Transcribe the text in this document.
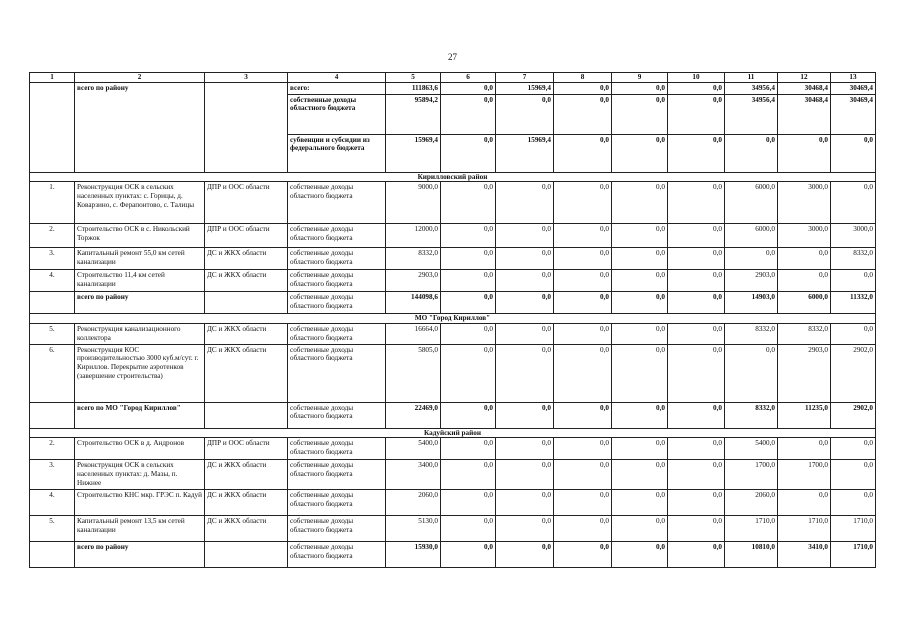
27
1	2	3	4	5	6	7	8	9	10	11	12	13
	всего по району		всего:	111863,6	0,0	15969,4	0,0	0,0	0,0	34956,4	30468,4	30469,4
			собственные доходы областного бюджета	95894,2	0,0	0,0	0,0	0,0	0,0	34956,4	30468,4	30469,4
			субвенции и субсидии из федерального бюджета	15969,4	0,0	15969,4	0,0	0,0	0,0	0,0	0,0	0,0
Кирилловский район												
1.	Реконструкция ОСК в сельских населенных пунктах: с. Горицы, д. Коварзино, с. Ферапонтово, с. Талицы	ДПР и ООС области	собственные доходы областного бюджета	9000,0	0,0	0,0	0,0	0,0	0,0	6000,0	3000,0	0,0
2.	Строительство ОСК в с. Никольский Торжок	ДПР и ООС области	собственные доходы областного бюджета	12000,0	0,0	0,0	0,0	0,0	0,0	6000,0	3000,0	3000,0
3.	Капитальный ремонт 55,0 км сетей канализации	ДС и ЖКХ области	собственные доходы областного бюджета	8332,0	0,0	0,0	0,0	0,0	0,0	0,0	0,0	8332,0
4.	Строительство 11,4 км сетей канализации	ДС и ЖКХ области	собственные доходы областного бюджета	2903,0	0,0	0,0	0,0	0,0	0,0	2903,0	0,0	0,0
	всего по району		собственные доходы областного бюджета	144098,6	0,0	0,0	0,0	0,0	0,0	14903,0	6000,0	11332,0
МО "Город Кириллов"												
5.	Реконструкция канализационного коллектора	ДС и ЖКХ области	собственные доходы областного бюджета	16664,0	0,0	0,0	0,0	0,0	0,0	8332,0	8332,0	0,0
6.	Реконструкция КОС производительностью 3000 куб.м/сут. г. Кириллов. Перекрытие аэротенков (завершение строительства)	ДС и ЖКХ области	собственные доходы областного бюджета	5805,0	0,0	0,0	0,0	0,0	0,0	0,0	2903,0	2902,0
	всего по МО "Город Кириллов"		собственные доходы областного бюджета	22469,0	0,0	0,0	0,0	0,0	0,0	8332,0	11235,0	2902,0
Кадуйский район												
2.	Строительство ОСК в д. Андронов	ДПР и ООС области	собственные доходы областного бюджета	5400,0	0,0	0,0	0,0	0,0	0,0	5400,0	0,0	0,0
3.	Реконструкция ОСК в сельских населенных пунктах: д. Мазы, п. Нижнее	ДС и ЖКХ области	собственные доходы областного бюджета	3400,0	0,0	0,0	0,0	0,0	0,0	1700,0	1700,0	0,0
4.	Строительство КНС мкр. ГРЭС п. Кадуй	ДС и ЖКХ области	собственные доходы областного бюджета	2060,0	0,0	0,0	0,0	0,0	0,0	2060,0	0,0	0,0
5.	Капитальный ремонт 13,5 км сетей канализации	ДС и ЖКХ области	собственные доходы областного бюджета	5130,0	0,0	0,0	0,0	0,0	0,0	1710,0	1710,0	1710,0
	всего по району		собственные доходы областного бюджета	15930,0	0,0	0,0	0,0	0,0	0,0	10810,0	3410,0	1710,0
